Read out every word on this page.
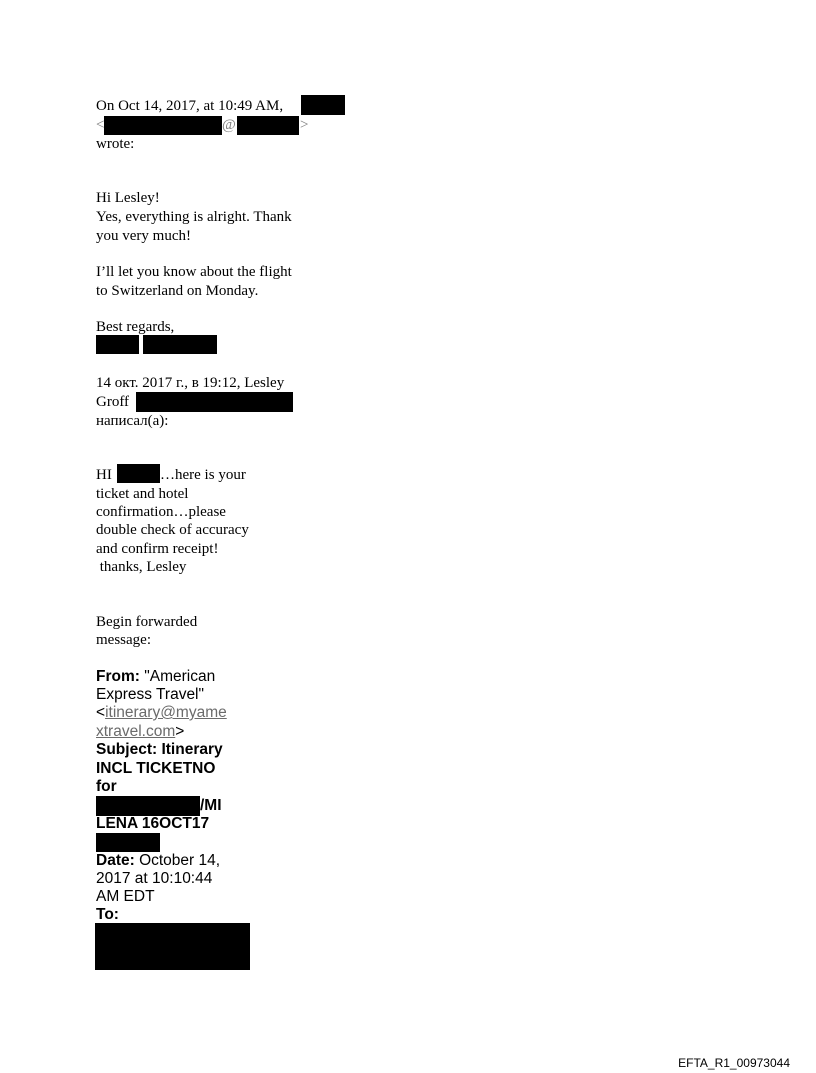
On Oct 14, 2017, at 10:49 AM,
<	@	>
wrote:
Hi Lesley!
Yes, everything is alright. Thank
you very much!
I’ll let you know about the flight
to Switzerland on Monday.
Best regards,
14 окт. 2017 г., в 19:12, Lesley
Groff
написал(а):
HI	…here is your
ticket and hotel
confirmation…please
double check of accuracy
and confirm receipt!
thanks, Lesley
Begin forwarded
message:
From: "American
Express Travel"
<itinerary@myame
xtravel.com>
Subject: Itinerary
INCL TICKETNO
for
/MI
LENA 16OCT17
Date: October 14,
2017 at 10:10:44
AM EDT
To:
EFTA_R1_00973044
